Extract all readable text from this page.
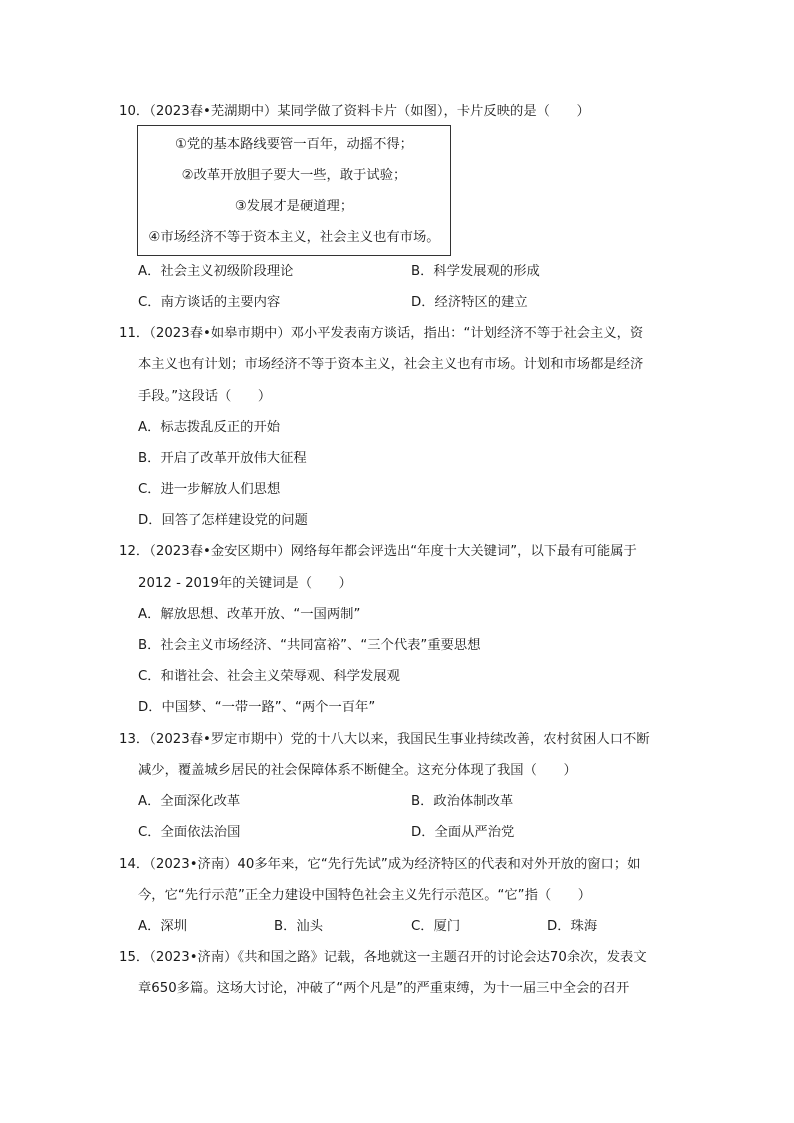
10．（2023春•芜湖期中）某同学做了资料卡片（如图），卡片反映的是（　　）
①党的基本路线要管一百年，动摇不得；
②改革开放胆子要大一些，敢于试验；
③发展才是硬道理；
④市场经济不等于资本主义，社会主义也有市场。
A．社会主义初级阶段理论	B．科学发展观的形成
C．南方谈话的主要内容	D．经济特区的建立
11．（2023春•如皋市期中）邓小平发表南方谈话，指出：“计划经济不等于社会主义，资
本主义也有计划；市场经济不等于资本主义，社会主义也有市场。计划和市场都是经济
手段。”这段话（　　）
A．标志拨乱反正的开始
B．开启了改革开放伟大征程
C．进一步解放人们思想
D．回答了怎样建设党的问题
12．（2023春•金安区期中）网络每年都会评选出“年度十大关键词”，以下最有可能属于
2012 - 2019年的关键词是（　　）
A．解放思想、改革开放、“一国两制”
B．社会主义市场经济、“共同富裕”、“三个代表”重要思想
C．和谐社会、社会主义荣辱观、科学发展观
D．中国梦、“一带一路”、“两个一百年”
13．（2023春•罗定市期中）党的十八大以来，我国民生事业持续改善，农村贫困人口不断
减少，覆盖城乡居民的社会保障体系不断健全。这充分体现了我国（　　）
A．全面深化改革	B．政治体制改革
C．全面依法治国	D．全面从严治党
14．（2023•济南）40多年来，它“先行先试”成为经济特区的代表和对外开放的窗口；如
今，它“先行示范”正全力建设中国特色社会主义先行示范区。“它”指（　　）
A．深圳	B．汕头	C．厦门	D．珠海
15．（2023•济南）《共和国之路》记载，各地就这一主题召开的讨论会达70余次，发表文
章650多篇。这场大讨论，冲破了“两个凡是”的严重束缚，为十一届三中全会的召开
